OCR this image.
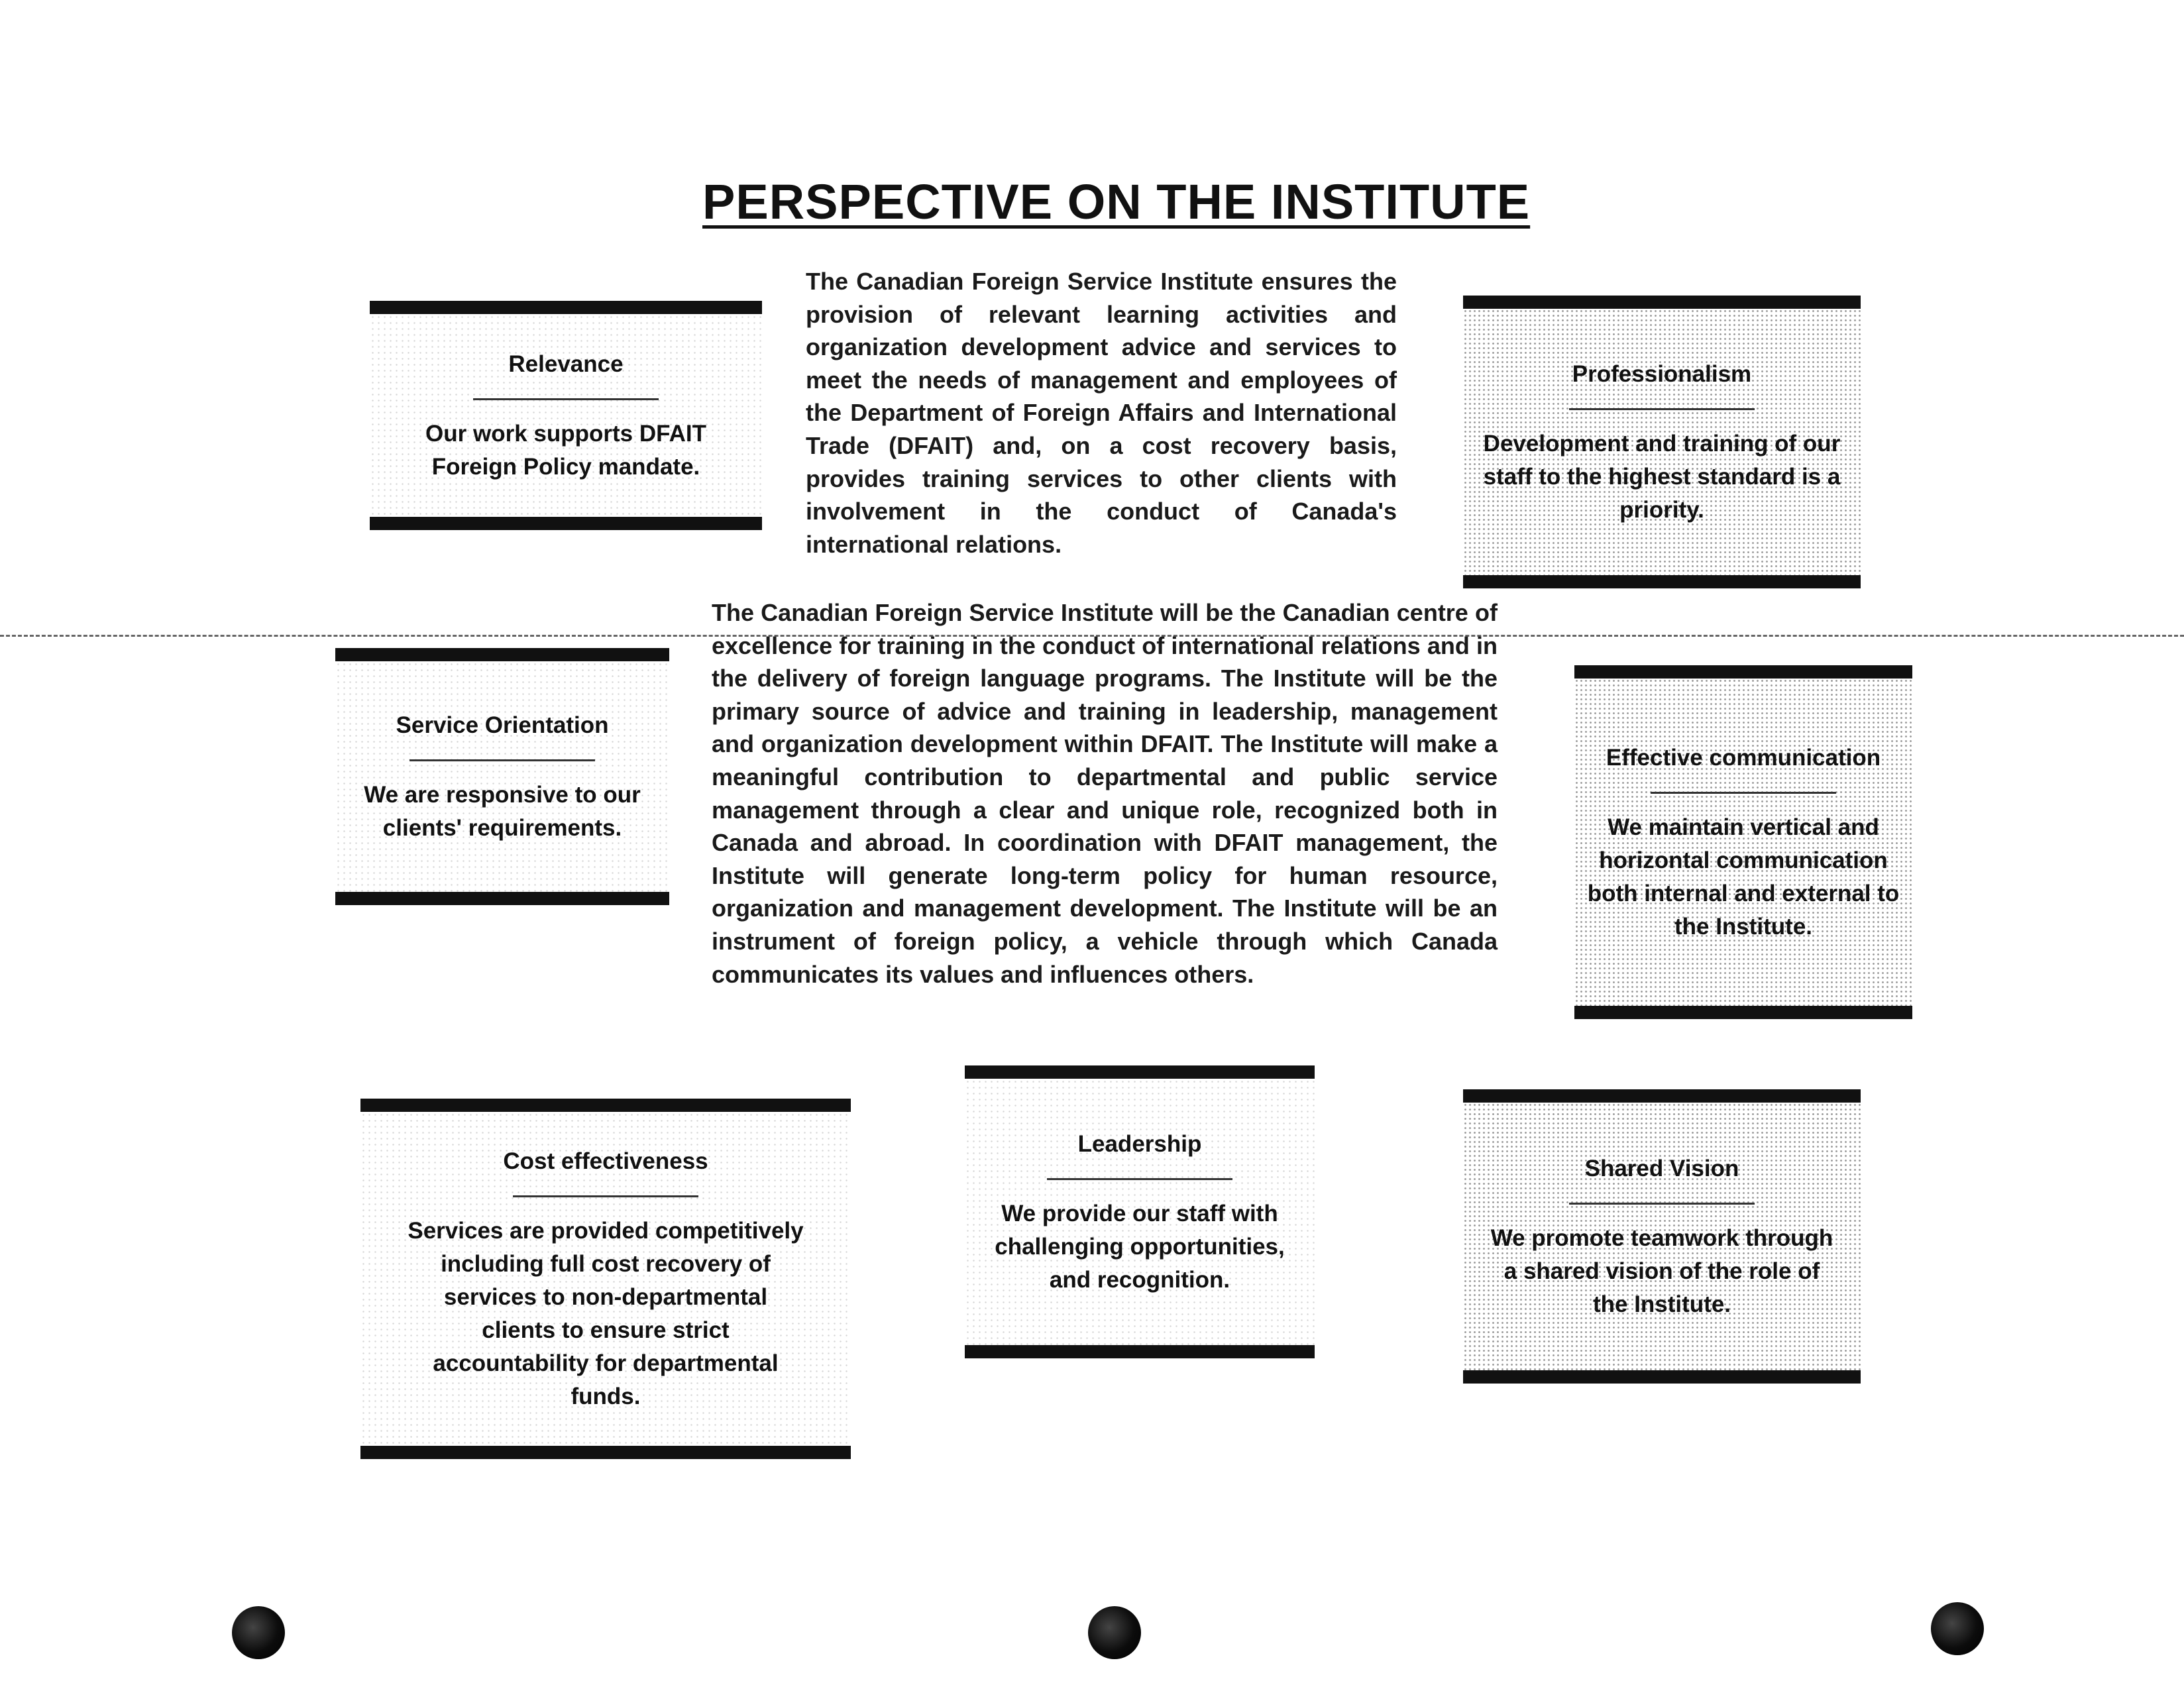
PERSPECTIVE ON THE INSTITUTE
The Canadian Foreign Service Institute ensures the provision of relevant learning activities and organization development advice and services to meet the needs of management and employees of the Department of Foreign Affairs and International Trade (DFAIT) and, on a cost recovery basis, provides training services to other clients with involvement in the conduct of Canada's international relations.
The Canadian Foreign Service Institute will be the Canadian centre of excellence for training in the conduct of international relations and in the delivery of foreign language programs. The Institute will be the primary source of advice and training in leadership, management and organization development within DFAIT. The Institute will make a meaningful contribution to departmental and public service management through a clear and unique role, recognized both in Canada and abroad. In coordination with DFAIT management, the Institute will generate long-term policy for human resource, organization and management development. The Institute will be an instrument of foreign policy, a vehicle through which Canada communicates its values and influences others.
Relevance
Our work supports DFAIT Foreign Policy mandate.
Professionalism
Development and training of our staff to the highest standard is a priority.
Service Orientation
We are responsive to our clients' requirements.
Effective communication
We maintain vertical and horizontal communication both internal and external to the Institute.
Cost effectiveness
Services are provided competitively including full cost recovery of services to non-departmental clients to ensure strict accountability for departmental funds.
Leadership
We provide our staff with challenging opportunities, and recognition.
Shared Vision
We promote teamwork through a shared vision of the role of the Institute.
